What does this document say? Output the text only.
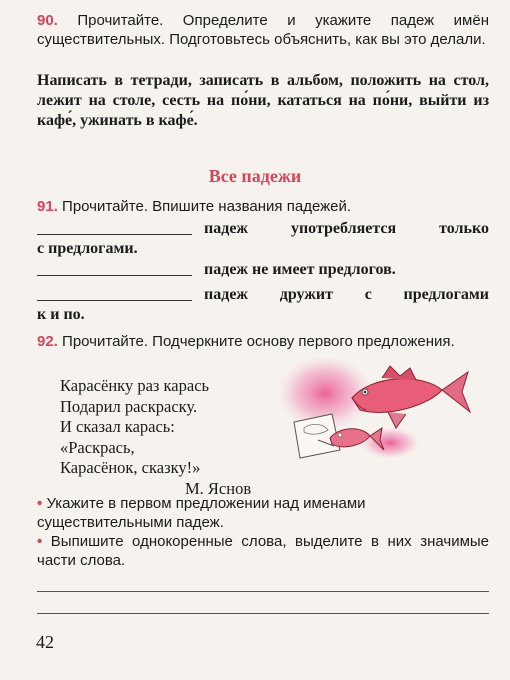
90. Прочитайте. Определите и укажите падеж имён существительных. Подготовьтесь объяснить, как вы это делали.

Написать в тетради, записать в альбом, положить на стол, лежит на столе, сесть на по́ни, кататься на по́ни, выйти из кафе́, ужинать в кафе́.

Все падежи

91. Прочитайте. Впишите названия падежей.

падеж употребляется только
с предлогами.
падеж не имеет предлогов.
падеж дружит с предлогами
к и по.

92. Прочитайте. Подчеркните основу первого предложения.

Карасёнку раз карась
Подарил раскраску.
И сказал карась:
«Раскрась,
Карасёнок, сказку!»
М. Яснов

• Укажите в первом предложении над именами существительными падеж.

• Выпишите однокоренные слова, выделите в них значимые части слова.

42
